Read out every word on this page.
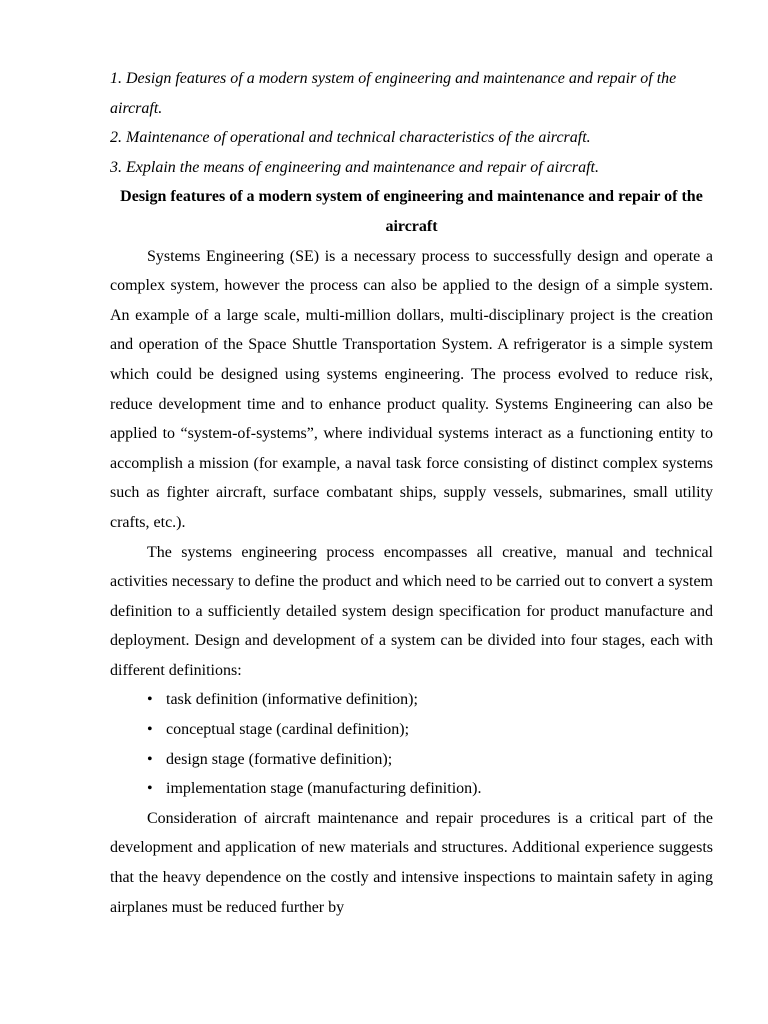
1. Design features of a modern system of engineering and maintenance and repair of the aircraft.

2. Maintenance of operational and technical characteristics of the aircraft.

3. Explain the means of engineering and maintenance and repair of aircraft.

Design features of a modern system of engineering and maintenance and repair of the aircraft

Systems Engineering (SE) is a necessary process to successfully design and operate a complex system, however the process can also be applied to the design of a simple system. An example of a large scale, multi-million dollars, multi-disciplinary project is the creation and operation of the Space Shuttle Transportation System. A refrigerator is a simple system which could be designed using systems engineering. The process evolved to reduce risk, reduce development time and to enhance product quality. Systems Engineering can also be applied to “system-of-systems”, where individual systems interact as a functioning entity to accomplish a mission (for example, a naval task force consisting of distinct complex systems such as fighter aircraft, surface combatant ships, supply vessels, submarines, small utility crafts, etc.).

The systems engineering process encompasses all creative, manual and technical activities necessary to define the product and which need to be carried out to convert a system definition to a sufficiently detailed system design specification for product manufacture and deployment. Design and development of a system can be divided into four stages, each with different definitions:

• task definition (informative definition);
• conceptual stage (cardinal definition);
• design stage (formative definition);
• implementation stage (manufacturing definition).

Consideration of aircraft maintenance and repair procedures is a critical part of the development and application of new materials and structures. Additional experience suggests that the heavy dependence on the costly and intensive inspections to maintain safety in aging airplanes must be reduced further by
